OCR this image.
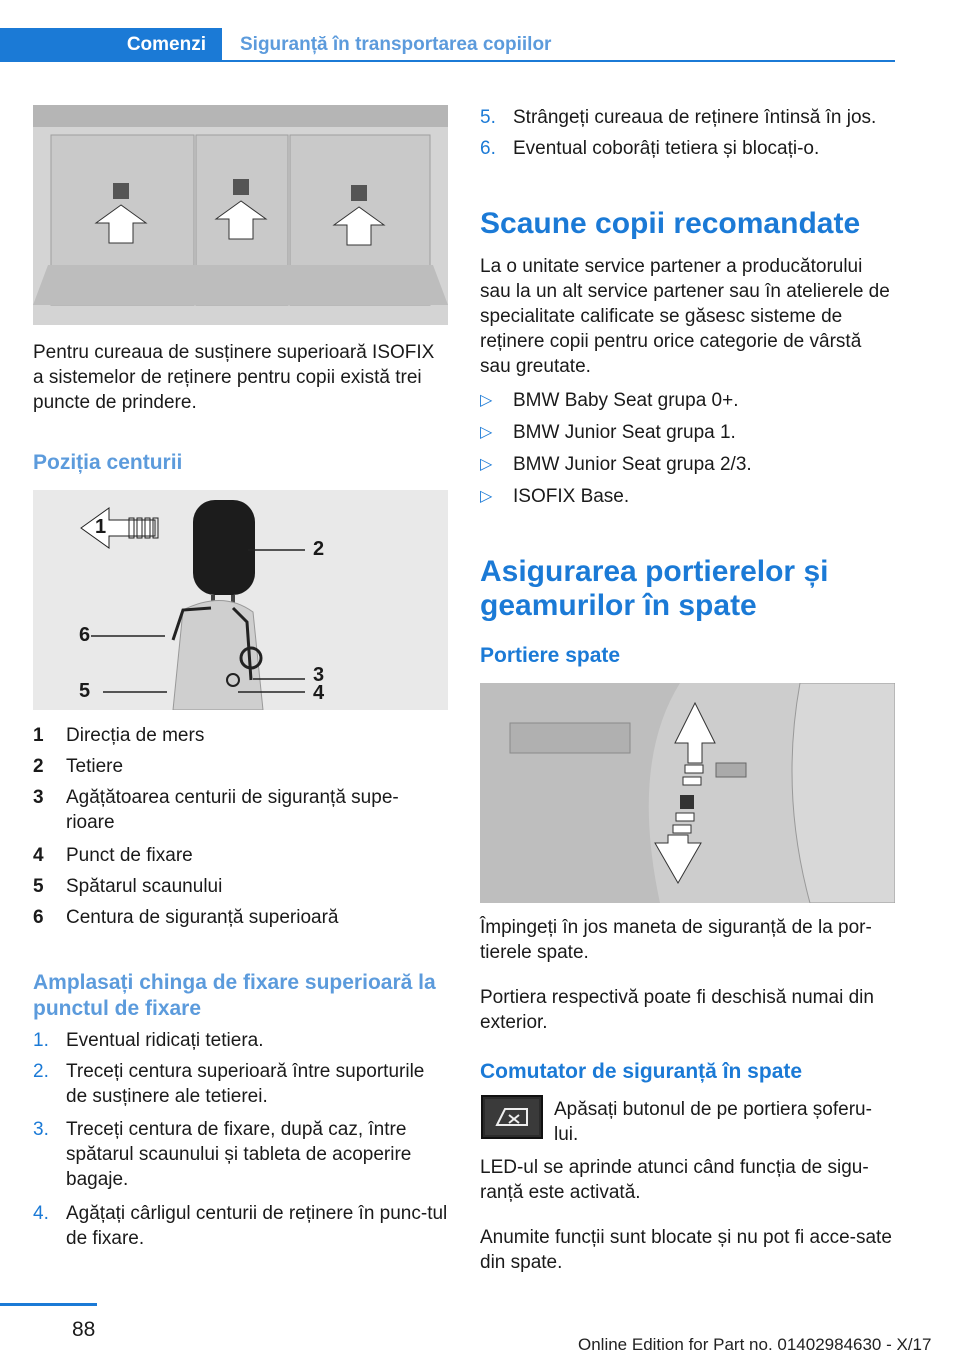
Comenzi	Siguranță în transportarea copiilor

Pentru cureaua de susținere superioară ISOFIX a sistemelor de reținere pentru copii există trei puncte de prindere.

Poziția centurii
1
2
6
3
5	4
1 Direcția de mers
2 Tetiere
3 Agățătoarea centurii de siguranță supe-rioare
4 Punct de fixare
5 Spătarul scaunului
6 Centura de siguranță superioară
Amplasați chinga de fixare superioară la punctul de fixare
1. Eventual ridicați tetiera.
2. Treceți centura superioară între suporturile de susținere ale tetierei.
3. Treceți centura de fixare, după caz, între spătarul scaunului și tableta de acoperire bagaje.
4. Agățați cârligul centurii de reținere în punc-tul de fixare.
5. Strângeți cureaua de reținere întinsă în jos.
6. Eventual coborâți tetiera și blocați-o.
Scaune copii recomandate

La o unitate service partener a producătorului sau la un alt service partener sau în atelierele de specialitate calificate se găsesc sisteme de reținere copii pentru orice categorie de vârstă sau greutate.

▷ BMW Baby Seat grupa 0+.
▷ BMW Junior Seat grupa 1.
▷ BMW Junior Seat grupa 2/3.
▷ ISOFIX Base.
Asigurarea portierelor și geamurilor în spate
Portiere spate

Împingeți în jos maneta de siguranță de la por-tierele spate.

Portiera respectivă poate fi deschisă numai din exterior.

Comutator de siguranță în spate

Apăsați butonul de pe portiera șoferu-lui.

LED-ul se aprinde atunci când funcția de sigu-ranță este activată.

Anumite funcții sunt blocate și nu pot fi acce-sate din spate.

88
Online Edition for Part no. 01402984630 - X/17
